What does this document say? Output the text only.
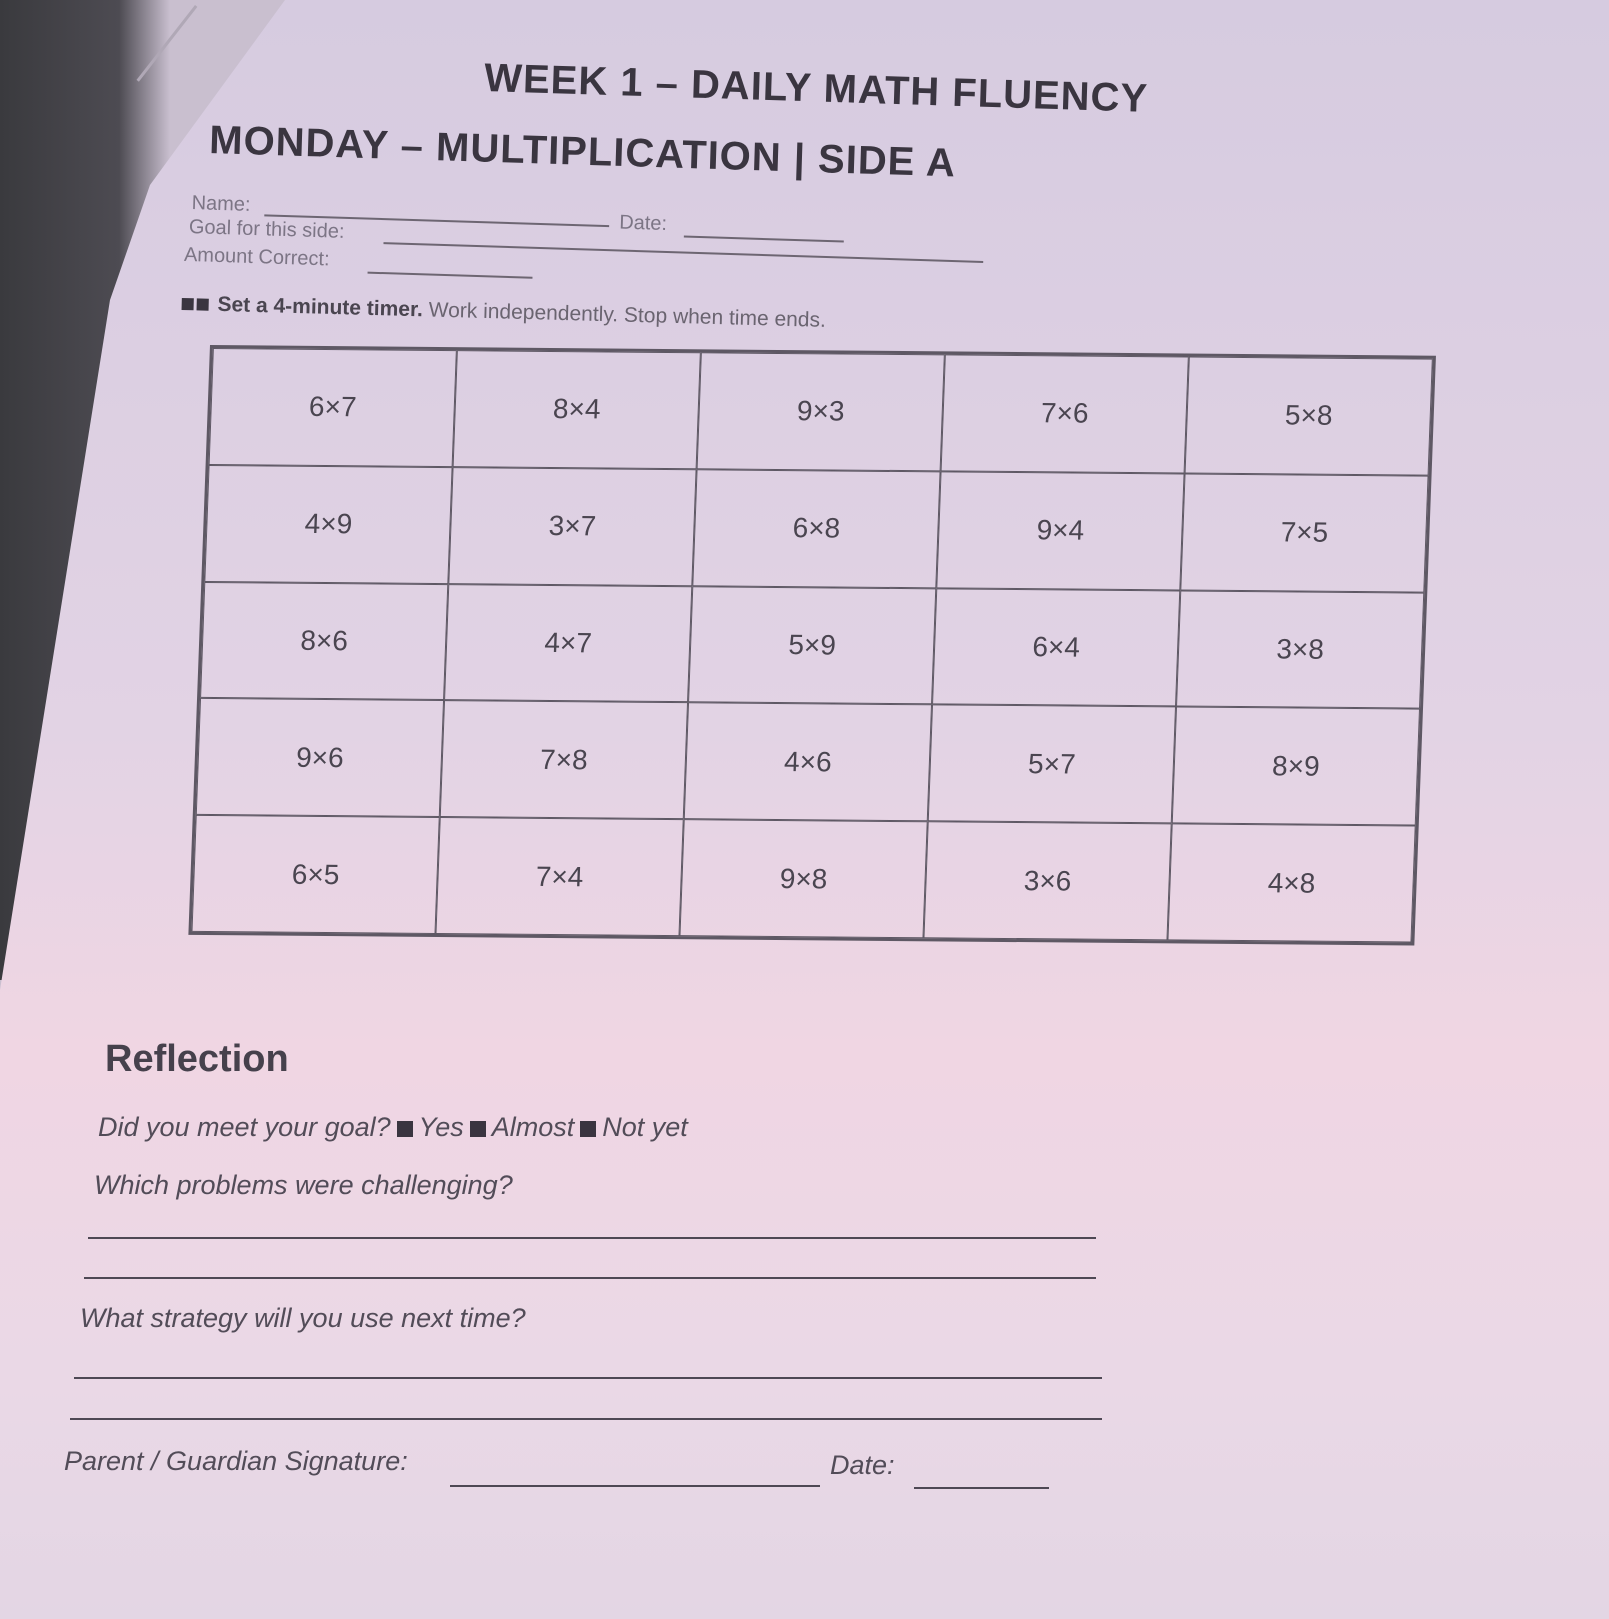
WEEK 1 – DAILY MATH FLUENCY
MONDAY – MULTIPLICATION | SIDE A
Name:
Date:
Goal for this side:
Amount Correct:
Set a 4-minute timer. Work independently. Stop when time ends.
6×7	8×4	9×3	7×6	5×8
4×9	3×7	6×8	9×4	7×5
8×6	4×7	5×9	6×4	3×8
9×6	7×8	4×6	5×7	8×9
6×5	7×4	9×8	3×6	4×8
Reflection
Did you meet your goal? Yes Almost Not yet
Which problems were challenging?
What strategy will you use next time?
Parent / Guardian Signature:	Date:
